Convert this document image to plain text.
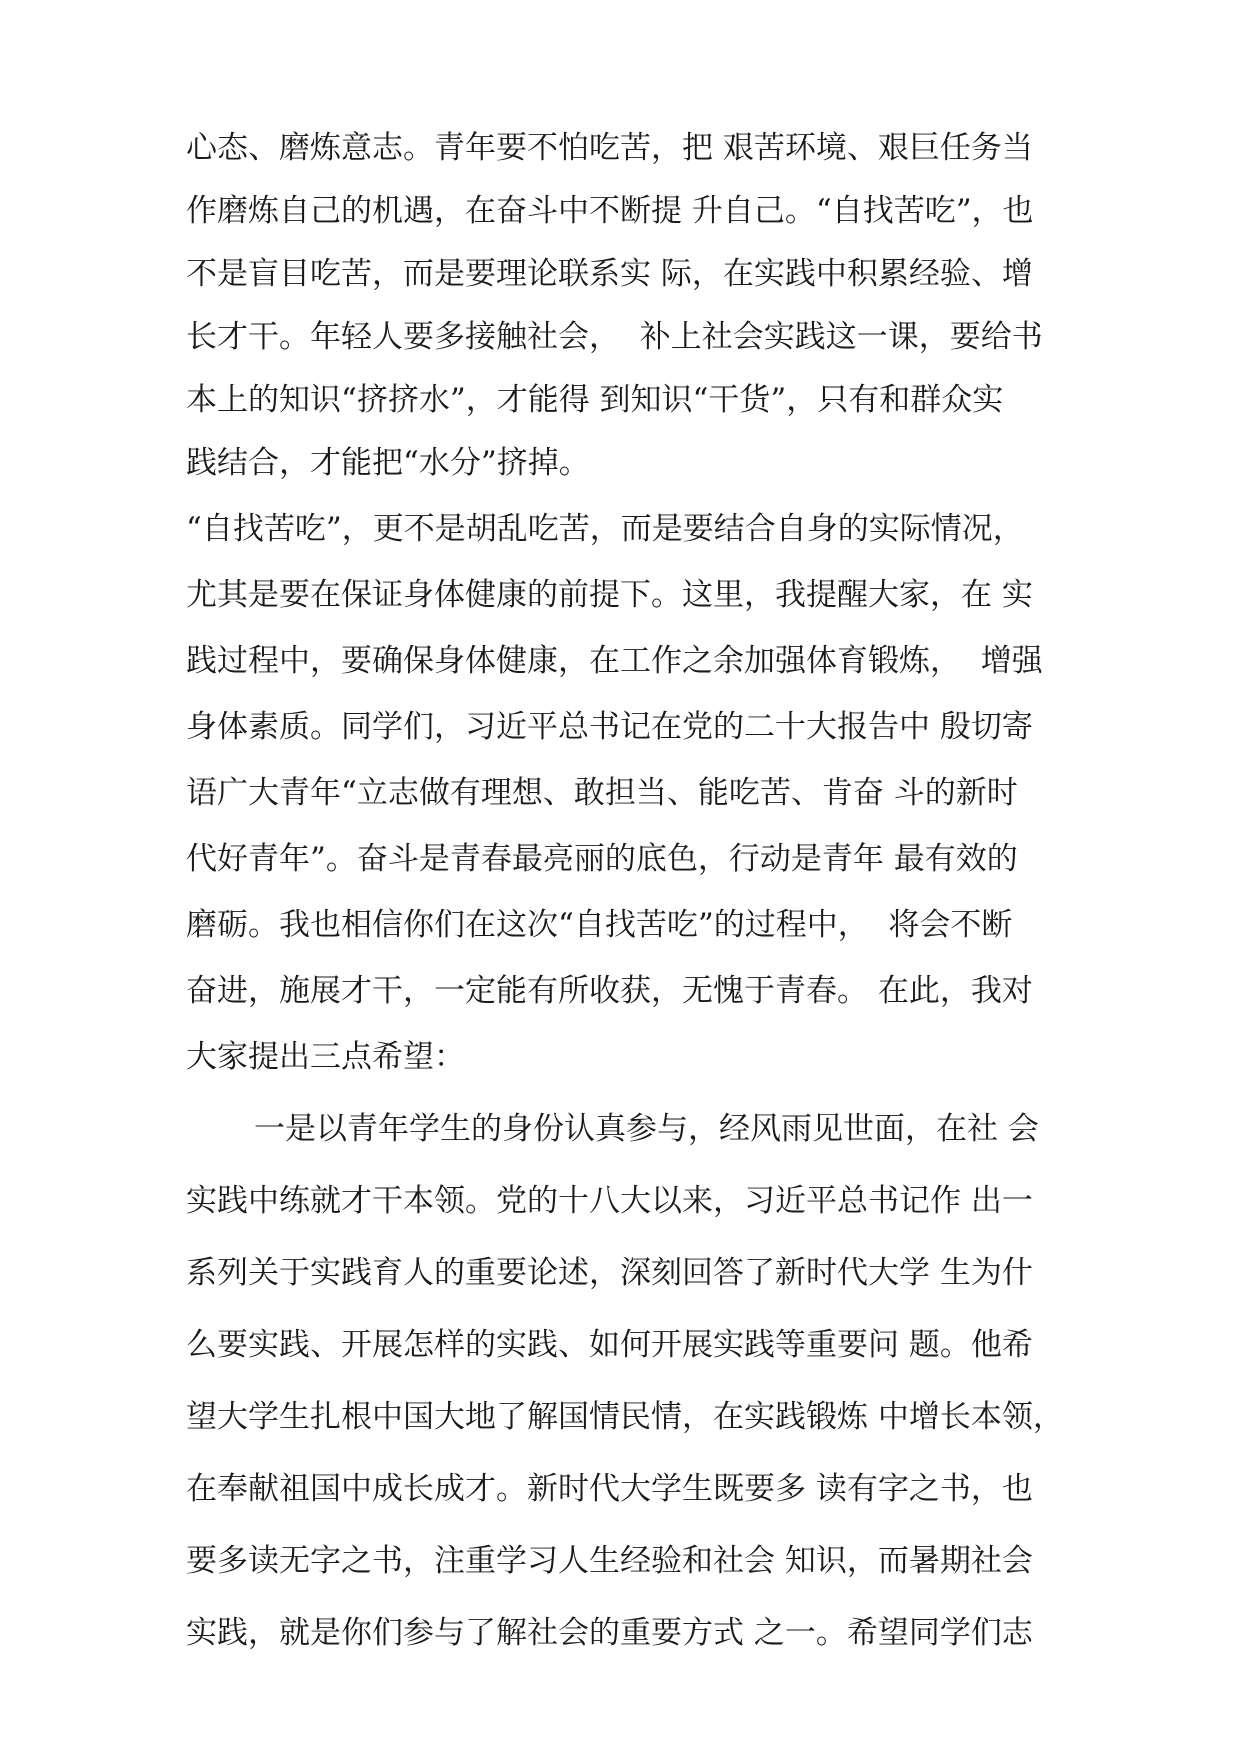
心态、磨炼意志。青年要不怕吃苦，把 艰苦环境、艰巨任务当
作磨炼自己的机遇，在奋斗中不断提 升自己。“自找苦吃”，也
不是盲目吃苦，而是要理论联系实 际，在实践中积累经验、增
长才干。年轻人要多接触社会，  补上社会实践这一课，要给书
本上的知识“挤挤水”，才能得 到知识“干货”，只有和群众实
践结合，才能把“水分”挤掉。
“自找苦吃”，更不是胡乱吃苦，而是要结合自身的实际情况，
尤其是要在保证身体健康的前提下。这里，我提醒大家，在 实
践过程中，要确保身体健康，在工作之余加强体育锻炼，  增强
身体素质。同学们，习近平总书记在党的二十大报告中 殷切寄
语广大青年“立志做有理想、敢担当、能吃苦、肯奋 斗的新时
代好青年”。奋斗是青春最亮丽的底色，行动是青年 最有效的
磨砺。我也相信你们在这次“自找苦吃”的过程中，  将会不断
奋进，施展才干，一定能有所收获，无愧于青春。 在此，我对
大家提出三点希望：
一是以青年学生的身份认真参与，经风雨见世面，在社 会
实践中练就才干本领。党的十八大以来，习近平总书记作 出一
系列关于实践育人的重要论述，深刻回答了新时代大学 生为什
么要实践、开展怎样的实践、如何开展实践等重要问 题。他希
望大学生扎根中国大地了解国情民情，在实践锻炼 中增长本领，
在奉献祖国中成长成才。新时代大学生既要多 读有字之书，也
要多读无字之书，注重学习人生经验和社会 知识，而暑期社会
实践，就是你们参与了解社会的重要方式 之一。希望同学们志
